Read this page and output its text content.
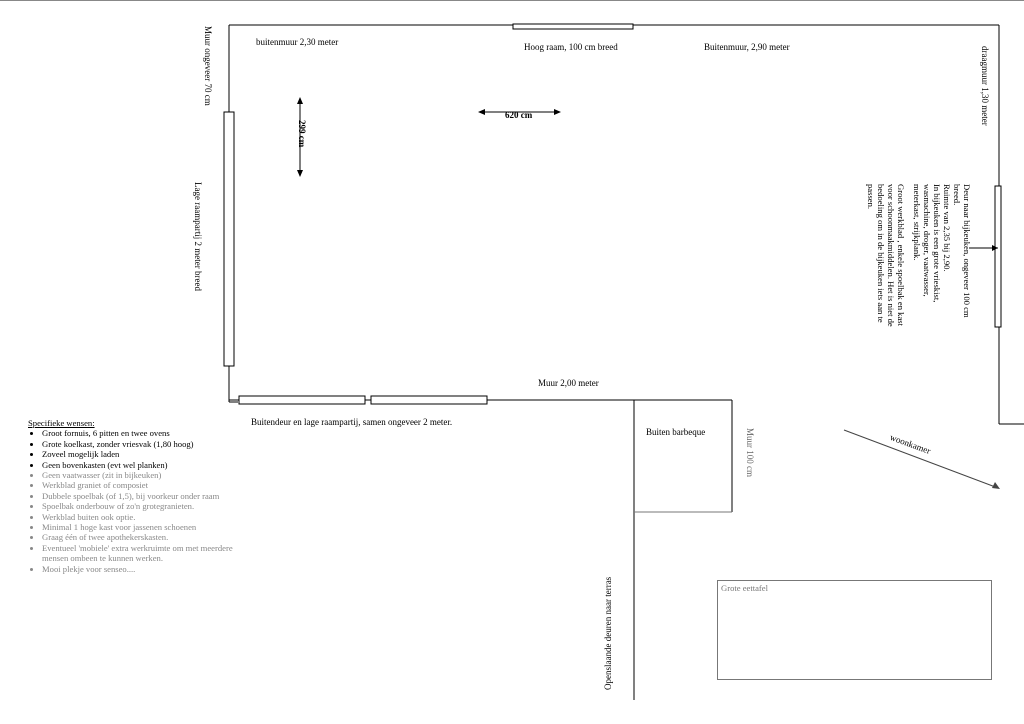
buitenmuur 2,30 meter	Hoog raam, 100 cm breed	Buitenmuur, 2,90 meter
Muur ongeveer 70 cm	draagmuur 1,30 meter
299 cm
Lage raampartij 2 meter breed
Muur 100 cm
Openslaande deuren naar terras
620 cm
Muur 2,00 meter
Buitendeur en lage raampartij, samen ongeveer 2 meter.
Buiten barbeque	woonkamer
Deur naar bijkeuken, ongeveer 100 cm breed.
Ruimte van 2,35 bij 2,90.
In bijkeuken is een grote vrieskist, wasmachine, droger, vaatwasser, meterkast, strijkplank.
Groot werkblad , enkele spoelbak en kast voor schoonmaakmiddelen. Het is niet de bedoeling om in de bijkeuken iets aan te passen.
Grote eettafel
Specifieke wensen:
• Groot fornuis, 6 pitten en twee ovens
• Grote koelkast, zonder vriesvak (1,80 hoog)
• Zoveel mogelijk laden
• Geen bovenkasten (evt wel planken)
• Geen vaatwasser (zit in bijkeuken)
• Werkblad graniet of composiet
• Dubbele spoelbak (of 1,5), bij voorkeur onder raam
• Spoelbak onderbouw of zo'n grotegranieten.
• Werkblad buiten ook optie.
• Minimal 1 hoge kast voor jassenen schoenen
• Graag één of twee apothekerskasten.
• Eventueel 'mobiele' extra werkruimte om met meerdere mensen ombeen te kunnen werken.
• Mooi plekje voor senseo....
